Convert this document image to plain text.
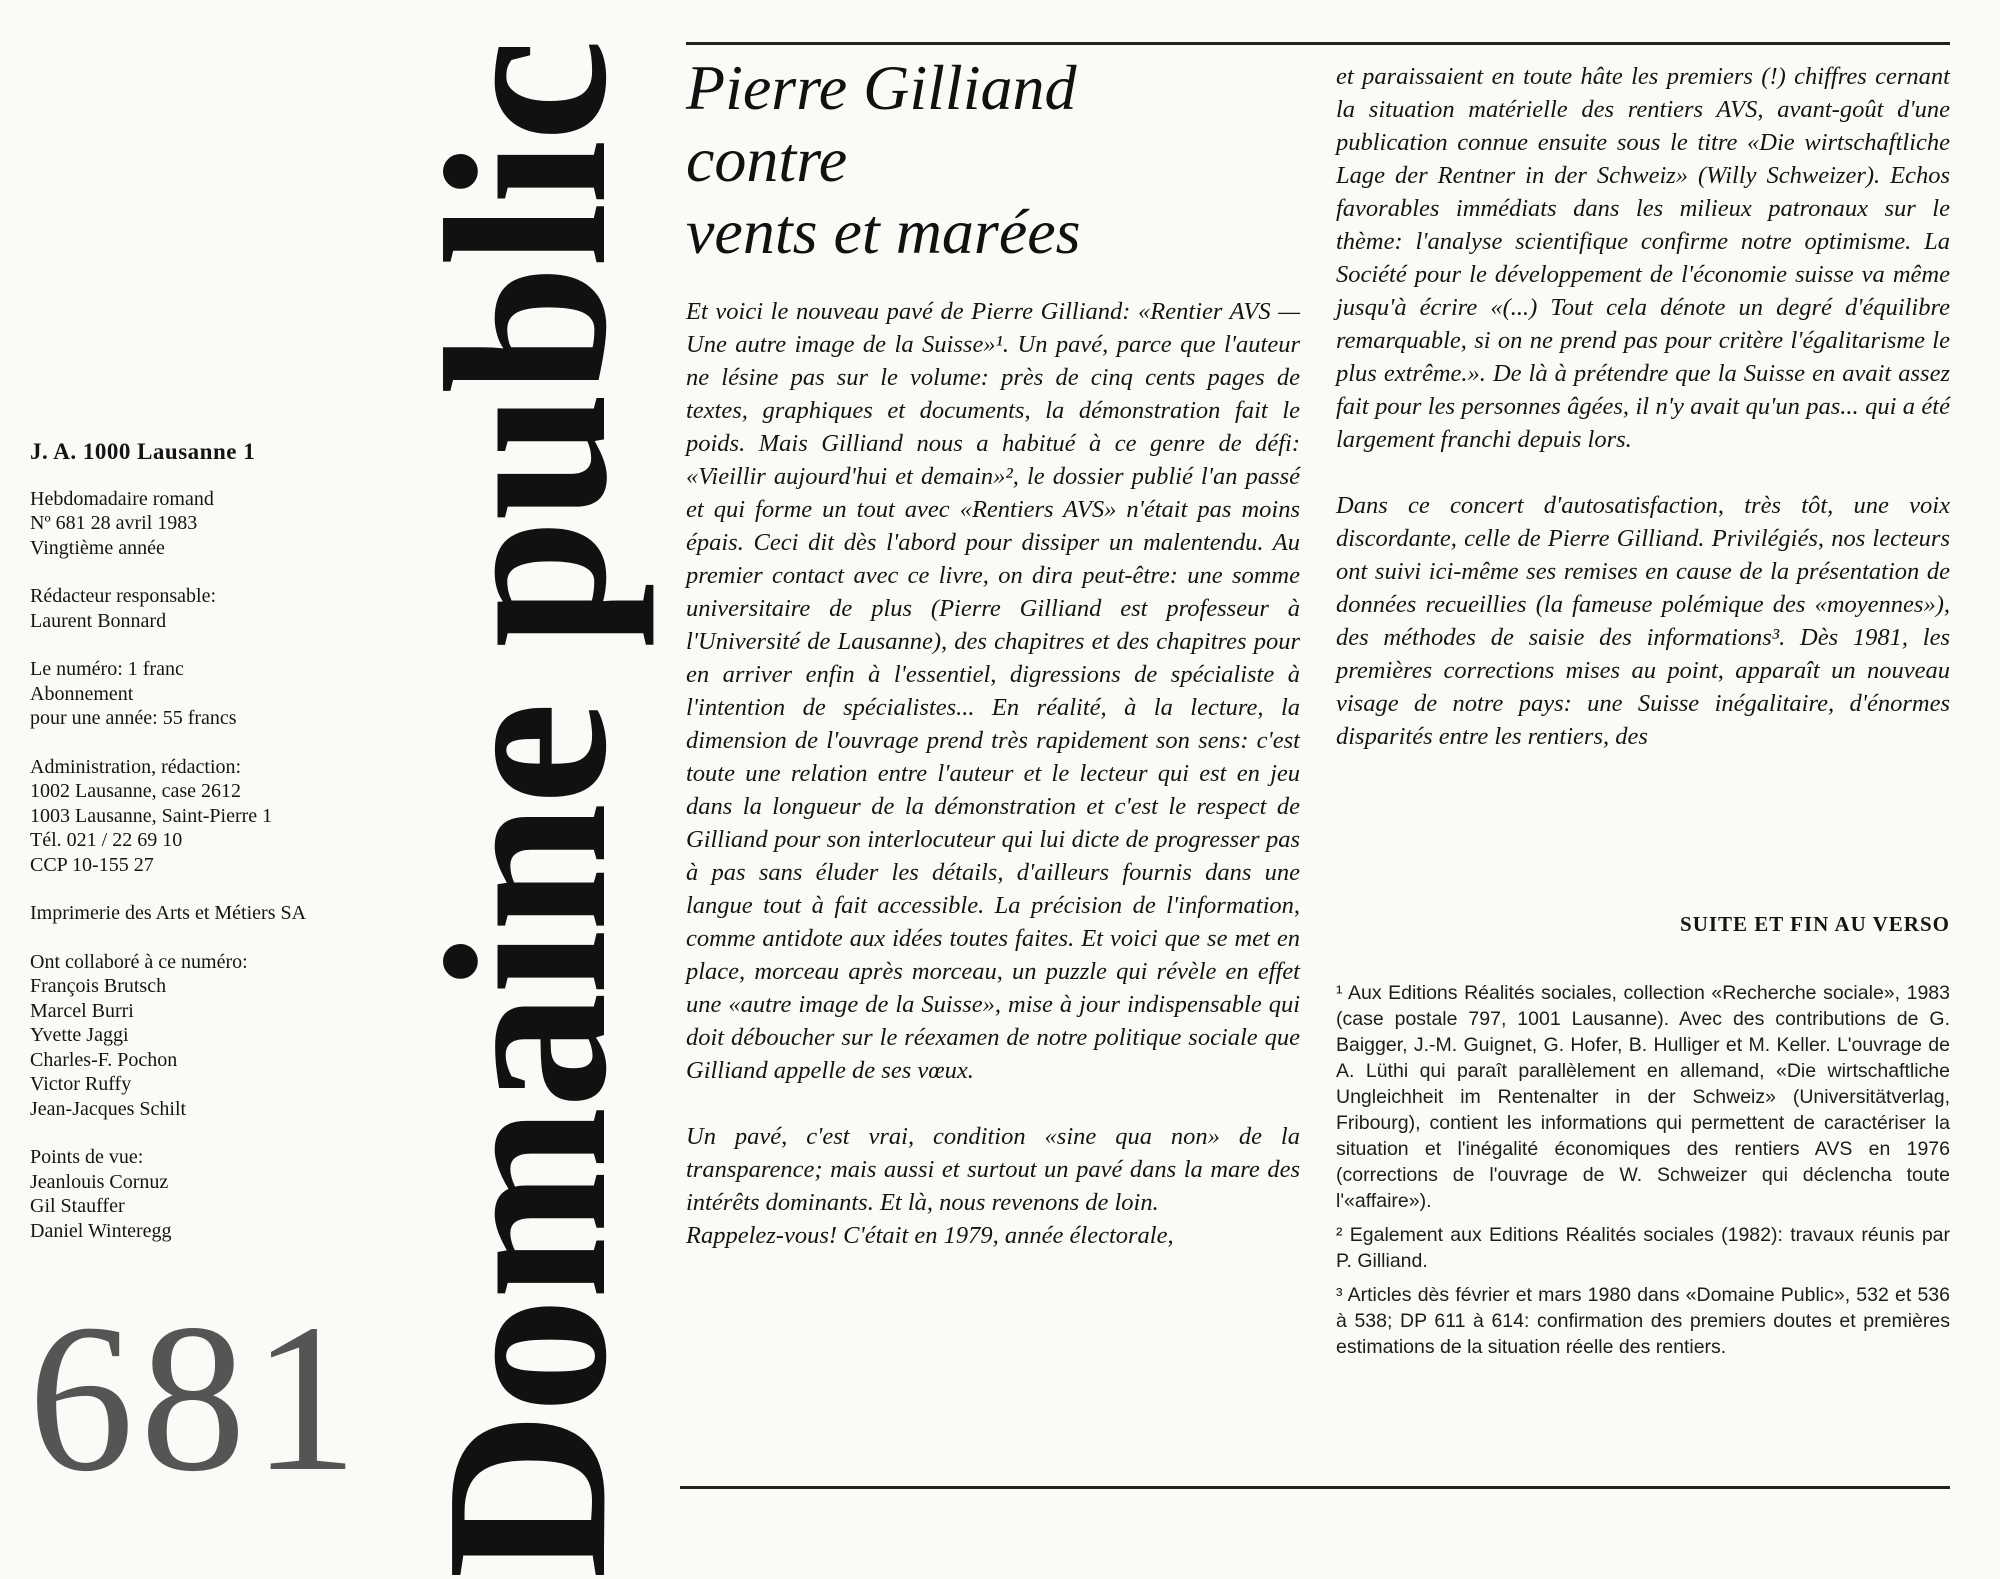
J. A. 1000 Lausanne 1
Hebdomadaire romand
Nº 681 28 avril 1983
Vingtième année
Rédacteur responsable:
Laurent Bonnard
Le numéro: 1 franc
Abonnement
pour une année: 55 francs
Administration, rédaction:
1002 Lausanne, case 2612
1003 Lausanne, Saint-Pierre 1
Tél. 021 / 22 69 10
CCP 10-155 27
Imprimerie des Arts et Métiers SA
Ont collaboré à ce numéro:
François Brutsch
Marcel Burri
Yvette Jaggi
Charles-F. Pochon
Victor Ruffy
Jean-Jacques Schilt
Points de vue:
Jeanlouis Cornuz
Gil Stauffer
Daniel Winteregg
681 Domaine public Pierre Gilliand
contre
vents et marées

Et voici le nouveau pavé de Pierre Gilliand: «Rentier AVS — Une autre image de la Suisse»¹. Un pavé, parce que l'auteur ne lésine pas sur le volume: près de cinq cents pages de textes, graphiques et documents, la démonstration fait le poids. Mais Gilliand nous a habitué à ce genre de défi: «Vieillir aujourd'hui et demain»², le dossier publié l'an passé et qui forme un tout avec «Rentiers AVS» n'était pas moins épais. Ceci dit dès l'abord pour dissiper un malentendu. Au premier contact avec ce livre, on dira peut-être: une somme universitaire de plus (Pierre Gilliand est professeur à l'Université de Lausanne), des chapitres et des chapitres pour en arriver enfin à l'essentiel, digressions de spécialiste à l'intention de spécialistes... En réalité, à la lecture, la dimension de l'ouvrage prend très rapidement son sens: c'est toute une relation entre l'auteur et le lecteur qui est en jeu dans la longueur de la démonstration et c'est le respect de Gilliand pour son interlocuteur qui lui dicte de progresser pas à pas sans éluder les détails, d'ailleurs fournis dans une langue tout à fait accessible. La précision de l'information, comme antidote aux idées toutes faites. Et voici que se met en place, morceau après morceau, un puzzle qui révèle en effet une «autre image de la Suisse», mise à jour indispensable qui doit déboucher sur le réexamen de notre politique sociale que Gilliand appelle de ses vœux.

Un pavé, c'est vrai, condition «sine qua non» de la transparence; mais aussi et surtout un pavé dans la mare des intérêts dominants. Et là, nous revenons de loin.

Rappelez-vous! C'était en 1979, année électorale,

et paraissaient en toute hâte les premiers (!) chiffres cernant la situation matérielle des rentiers AVS, avant-goût d'une publication connue ensuite sous le titre «Die wirtschaftliche Lage der Rentner in der Schweiz» (Willy Schweizer). Echos favorables immédiats dans les milieux patronaux sur le thème: l'analyse scientifique confirme notre optimisme. La Société pour le développement de l'économie suisse va même jusqu'à écrire «(...) Tout cela dénote un degré d'équilibre remarquable, si on ne prend pas pour critère l'égalitarisme le plus extrême.». De là à prétendre que la Suisse en avait assez fait pour les personnes âgées, il n'y avait qu'un pas... qui a été largement franchi depuis lors.

Dans ce concert d'autosatisfaction, très tôt, une voix discordante, celle de Pierre Gilliand. Privilégiés, nos lecteurs ont suivi ici-même ses remises en cause de la présentation de données recueillies (la fameuse polémique des «moyennes»), des méthodes de saisie des informations³. Dès 1981, les premières corrections mises au point, apparaît un nouveau visage de notre pays: une Suisse inégalitaire, d'énormes disparités entre les rentiers, des

SUITE ET FIN AU VERSO

¹ Aux Editions Réalités sociales, collection «Recherche sociale», 1983 (case postale 797, 1001 Lausanne). Avec des contributions de G. Baigger, J.-M. Guignet, G. Hofer, B. Hulliger et M. Keller. L'ouvrage de A. Lüthi qui paraît parallèlement en allemand, «Die wirtschaftliche Ungleichheit im Rentenalter in der Schweiz» (Universitätverlag, Fribourg), contient les informations qui permettent de caractériser la situation et l'inégalité économiques des rentiers AVS en 1976 (corrections de l'ouvrage de W. Schweizer qui déclencha toute l'«affaire»).

² Egalement aux Editions Réalités sociales (1982): travaux réunis par P. Gilliand.

³ Articles dès février et mars 1980 dans «Domaine Public», 532 et 536 à 538; DP 611 à 614: confirmation des premiers doutes et premières estimations de la situation réelle des rentiers.
